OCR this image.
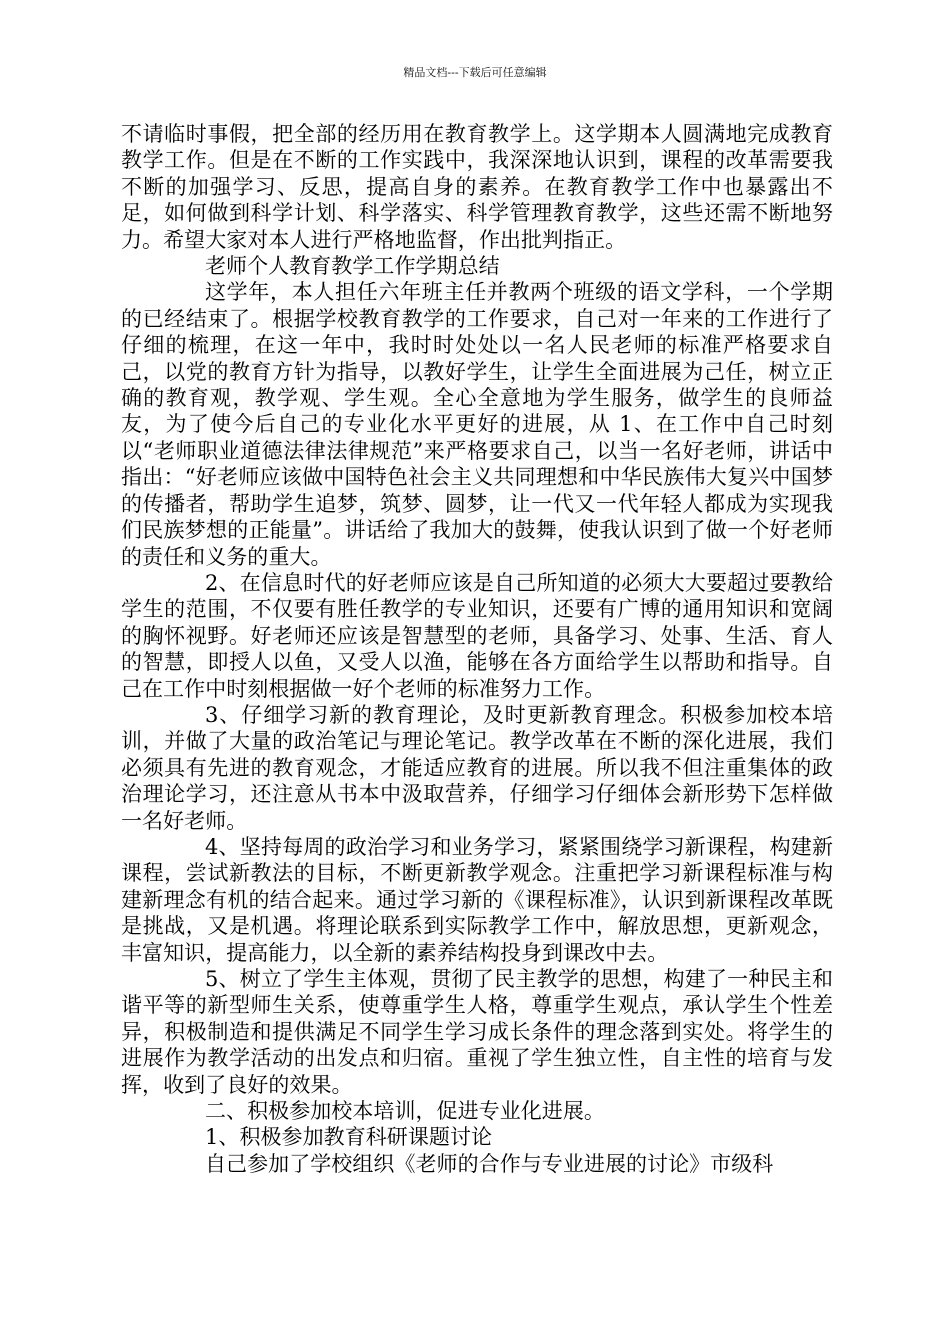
精品文档---下载后可任意编辑

不请临时事假，把全部的经历用在教育教学上。这学期本人圆满地完成教育教学工作。但是在不断的工作实践中，我深深地认识到，课程的改革需要我不断的加强学习、反思，提高自身的素养。在教育教学工作中也暴露出不足，如何做到科学计划、科学落实、科学管理教育教学，这些还需不断地努力。希望大家对本人进行严格地监督，作出批判指正。

老师个人教育教学工作学期总结

这学年，本人担任六年班主任并教两个班级的语文学科，一个学期的已经结束了。根据学校教育教学的工作要求，自己对一年来的工作进行了仔细的梳理，在这一年中，我时时处处以一名人民老师的标准严格要求自己，以党的教育方针为指导，以教好学生，让学生全面进展为己任，树立正确的教育观，教学观、学生观。全心全意地为学生服务，做学生的良师益友，为了使今后自己的专业化水平更好的进展，从 1、在工作中自己时刻以“老师职业道德法律法律规范”来严格要求自己，以当一名好老师，讲话中指出：“好老师应该做中国特色社会主义共同理想和中华民族伟大复兴中国梦的传播者，帮助学生追梦，筑梦、圆梦，让一代又一代年轻人都成为实现我们民族梦想的正能量”。讲话给了我加大的鼓舞，使我认识到了做一个好老师的责任和义务的重大。

2、在信息时代的好老师应该是自己所知道的必须大大要超过要教给学生的范围，不仅要有胜任教学的专业知识，还要有广博的通用知识和宽阔的胸怀视野。好老师还应该是智慧型的老师，具备学习、处事、生活、育人的智慧，即授人以鱼，又受人以渔，能够在各方面给学生以帮助和指导。自己在工作中时刻根据做一好个老师的标准努力工作。

3、仔细学习新的教育理论，及时更新教育理念。积极参加校本培训，并做了大量的政治笔记与理论笔记。教学改革在不断的深化进展，我们必须具有先进的教育观念，才能适应教育的进展。所以我不但注重集体的政治理论学习，还注意从书本中汲取营养，仔细学习仔细体会新形势下怎样做一名好老师。

4、坚持每周的政治学习和业务学习，紧紧围绕学习新课程，构建新课程，尝试新教法的目标，不断更新教学观念。注重把学习新课程标准与构建新理念有机的结合起来。通过学习新的《课程标准》，认识到新课程改革既是挑战，又是机遇。将理论联系到实际教学工作中，解放思想，更新观念，丰富知识，提高能力，以全新的素养结构投身到课改中去。

5、树立了学生主体观，贯彻了民主教学的思想，构建了一种民主和谐平等的新型师生关系，使尊重学生人格，尊重学生观点，承认学生个性差异，积极制造和提供满足不同学生学习成长条件的理念落到实处。将学生的进展作为教学活动的出发点和归宿。重视了学生独立性，自主性的培育与发挥，收到了良好的效果。

二、积极参加校本培训，促进专业化进展。

1、积极参加教育科研课题讨论

自己参加了学校组织《老师的合作与专业进展的讨论》市级科
